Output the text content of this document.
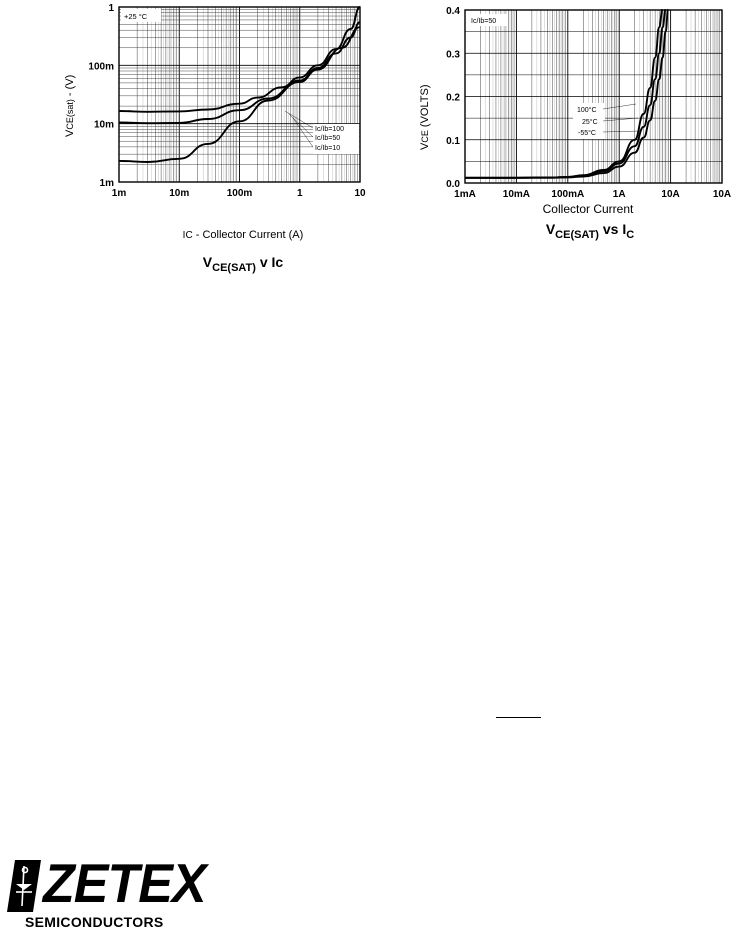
1m	10m	100m	1	10
1m
10m
100m
1
+25 °C
Ic/Ib=100
Ic/Ib=50
Ic/Ib=10
VCE(sat) - (V)
IC - Collector Current (A)
$V_{CE(SAT)}$ v Ic
1mA	10mA 100mA	1A	10A	10A
0.0
0.1
0.2
0.3
0.4
Ic/Ib=50
100°C
25°C
-55°C
VCE (VOLTS)
Collector Current
$V_{CE(SAT)}$ vs $I_C$
ZETEX
SEMICONDUCTORS
